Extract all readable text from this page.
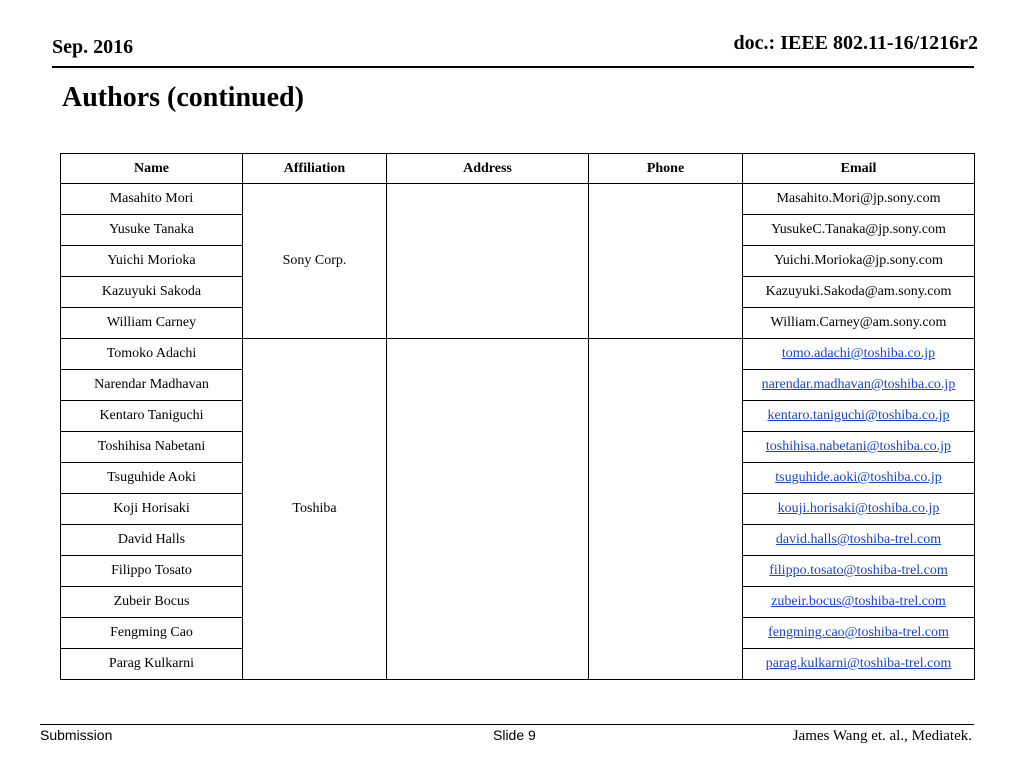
Sep. 2016	doc.: IEEE 802.11-16/1216r2
Authors (continued)
Name	Affiliation	Address	Phone	Email
Masahito Mori	Sony Corp.			Masahito.Mori@jp.sony.com
Yusuke Tanaka				YusukeC.Tanaka@jp.sony.com
Yuichi Morioka				Yuichi.Morioka@jp.sony.com
Kazuyuki Sakoda				Kazuyuki.Sakoda@am.sony.com
William Carney				William.Carney@am.sony.com
Tomoko Adachi	Toshiba			tomo.adachi@toshiba.co.jp
Narendar Madhavan				narendar.madhavan@toshiba.co.jp
Kentaro Taniguchi				kentaro.taniguchi@toshiba.co.jp
Toshihisa Nabetani				toshihisa.nabetani@toshiba.co.jp
Tsuguhide Aoki				tsuguhide.aoki@toshiba.co.jp
Koji Horisaki				kouji.horisaki@toshiba.co.jp
David Halls				david.halls@toshiba-trel.com
Filippo Tosato				filippo.tosato@toshiba-trel.com
Zubeir Bocus				zubeir.bocus@toshiba-trel.com
Fengming Cao				fengming.cao@toshiba-trel.com
Parag Kulkarni				parag.kulkarni@toshiba-trel.com
Submission	Slide 9	James Wang et. al., Mediatek.
